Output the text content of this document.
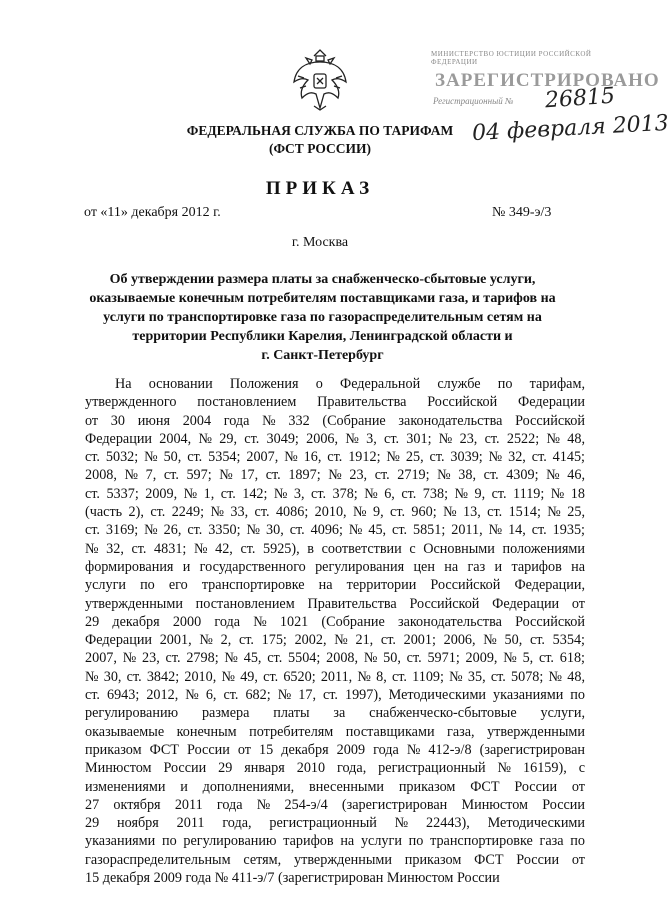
МИНИСТЕРСТВО ЮСТИЦИИ РОССИЙСКОЙ ФЕДЕРАЦИИ
ЗАРЕГИСТРИРОВАНО
Регистрационный № 26815
04 февраля 2013
ФЕДЕРАЛЬНАЯ СЛУЖБА ПО ТАРИФАМ
(ФСТ РОССИИ)
ПРИКАЗ
от «11» декабря 2012 г.	№ 349-э/3
г. Москва
Об утверждении размера платы за снабженческо-сбытовые услуги,
оказываемые конечным потребителям поставщиками газа, и тарифов на
услуги по транспортировке газа по газораспределительным сетям на
территории Республики Карелия, Ленинградской области и
г. Санкт-Петербург
На основании Положения о Федеральной службе по тарифам,
утвержденного постановлением Правительства Российской Федерации
от 30 июня 2004 года № 332 (Собрание законодательства Российской
Федерации 2004, № 29, ст. 3049; 2006, № 3, ст. 301; № 23, ст. 2522; № 48,
ст. 5032; № 50, ст. 5354; 2007, № 16, ст. 1912; № 25, ст. 3039; № 32, ст. 4145;
2008, № 7, ст. 597; № 17, ст. 1897; № 23, ст. 2719; № 38, ст. 4309; № 46,
ст. 5337; 2009, № 1, ст. 142; № 3, ст. 378; № 6, ст. 738; № 9, ст. 1119; № 18
(часть 2), ст. 2249; № 33, ст. 4086; 2010, № 9, ст. 960; № 13, ст. 1514; № 25,
ст. 3169; № 26, ст. 3350; № 30, ст. 4096; № 45, ст. 5851; 2011, № 14, ст. 1935;
№ 32, ст. 4831; № 42, ст. 5925), в соответствии с Основными положениями
формирования и государственного регулирования цен на газ и тарифов на
услуги по его транспортировке на территории Российской Федерации,
утвержденными постановлением Правительства Российской Федерации от
29 декабря 2000 года № 1021 (Собрание законодательства Российской
Федерации 2001, № 2, ст. 175; 2002, № 21, ст. 2001; 2006, № 50, ст. 5354;
2007, № 23, ст. 2798; № 45, ст. 5504; 2008, № 50, ст. 5971; 2009, № 5, ст. 618;
№ 30, ст. 3842; 2010, № 49, ст. 6520; 2011, № 8, ст. 1109; № 35, ст. 5078; № 48,
ст. 6943; 2012, № 6, ст. 682; № 17, ст. 1997), Методическими указаниями по
регулированию размера платы за снабженческо-сбытовые услуги,
оказываемые конечным потребителям поставщиками газа, утвержденными
приказом ФСТ России от 15 декабря 2009 года № 412-э/8 (зарегистрирован
Минюстом России 29 января 2010 года, регистрационный № 16159), с
изменениями и дополнениями, внесенными приказом ФСТ России от
27 октября 2011 года № 254-э/4 (зарегистрирован Минюстом России
29 ноября 2011 года, регистрационный № 22443), Методическими
указаниями по регулированию тарифов на услуги по транспортировке газа по
газораспределительным сетям, утвержденными приказом ФСТ России от
15 декабря 2009 года № 411-э/7 (зарегистрирован Минюстом России
